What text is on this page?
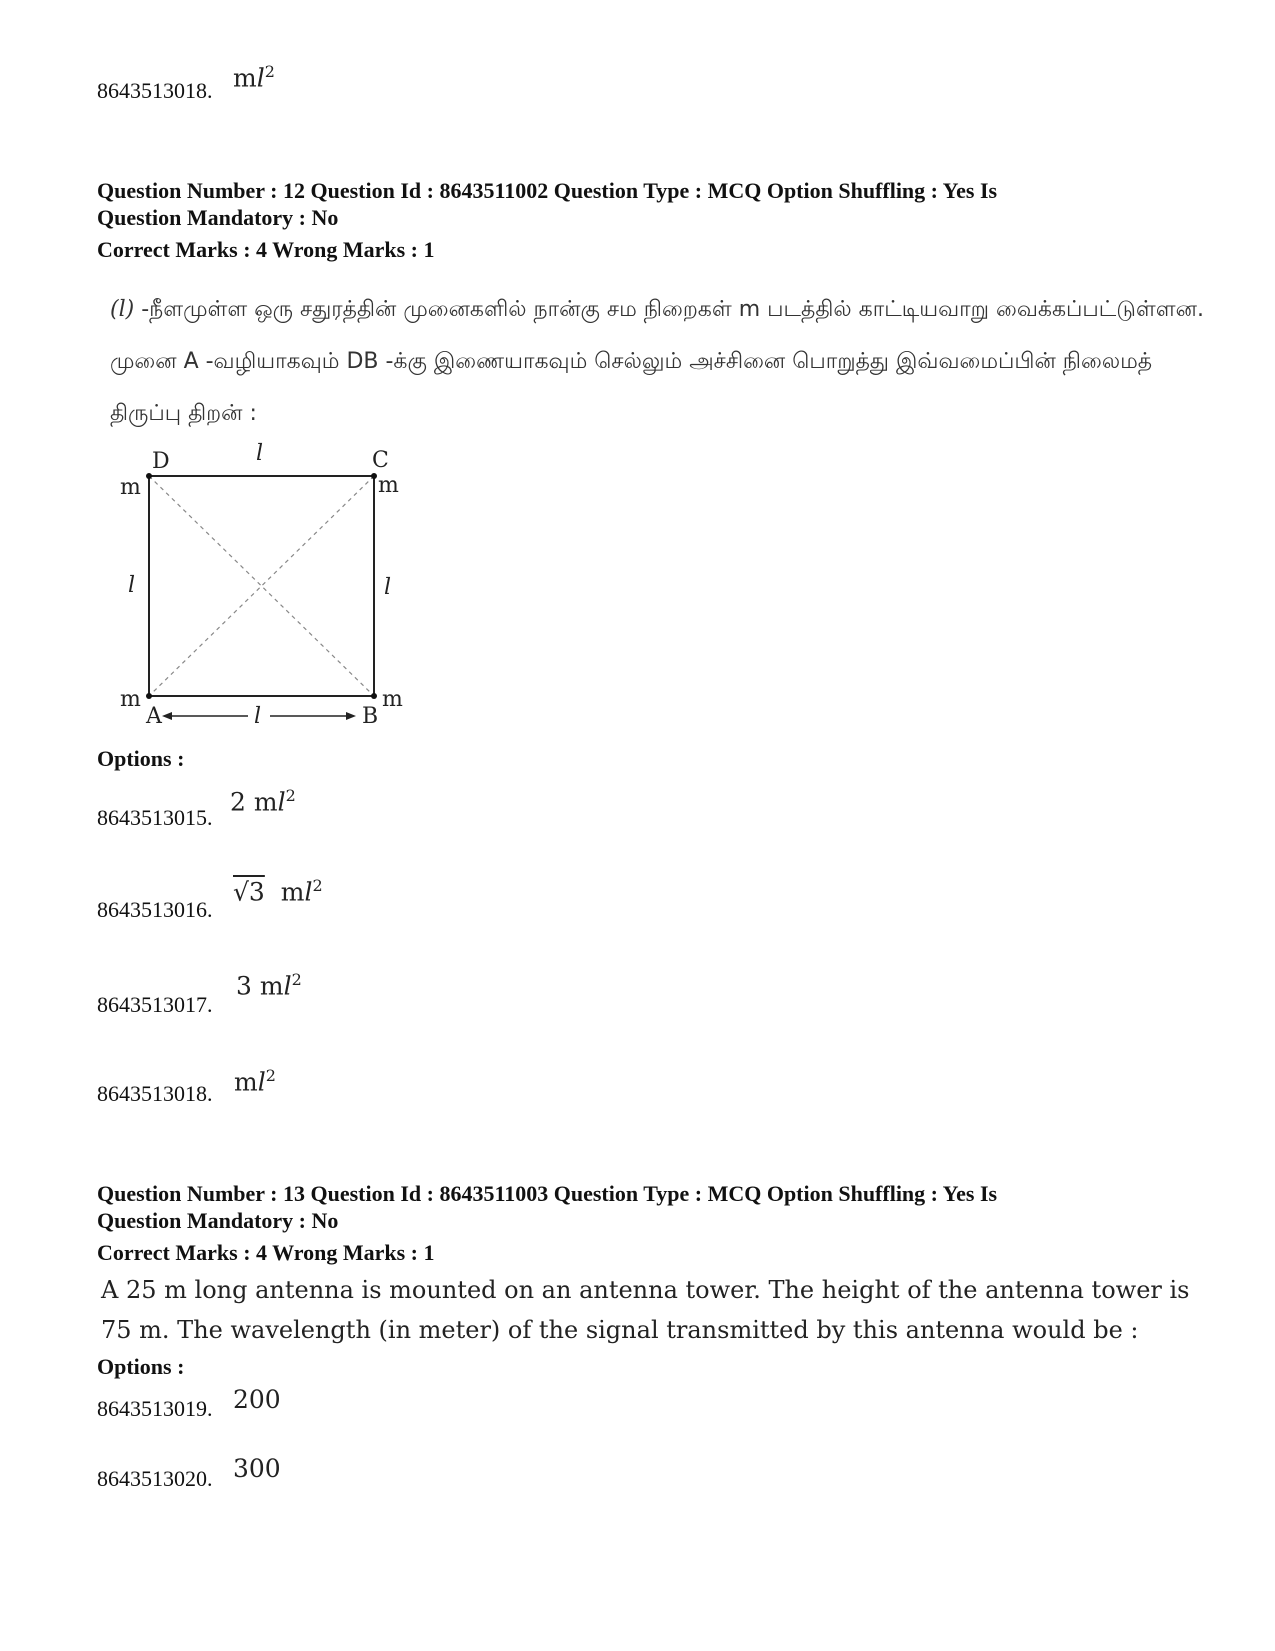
8643513018. $ml^2$
Question Number : 12 Question Id : 8643511002 Question Type : MCQ Option Shuffling : Yes Is
Question Mandatory : No
Correct Marks : 4 Wrong Marks : 1
(l) -நீளமுள்ள ஒரு சதுரத்தின் முனைகளில் நான்கு சம நிறைகள் m படத்தில் காட்டியவாறு வைக்கப்பட்டுள்ளன. முனை A -வழியாகவும் DB -க்கு இணையாகவும் செல்லும் அச்சினை பொறுத்து இவ்வமைப்பின் நிலைமத் திருப்பு திறன் :
D	C
A	B
m	m
m	m
l
l	l
l
Options :
8643513015.
2 $ml^2$
8643513016.
√3  $ml^2$
8643513017.
3 $ml^2$
8643513018. $ml^2$
Question Number : 13 Question Id : 8643511003 Question Type : MCQ Option Shuffling : Yes Is
Question Mandatory : No
Correct Marks : 4 Wrong Marks : 1
A 25 m long antenna is mounted on an antenna tower. The height of the antenna tower is 75 m. The wavelength (in meter) of the signal transmitted by this antenna would be :
Options :
8643513019. 200
8643513020. 300
